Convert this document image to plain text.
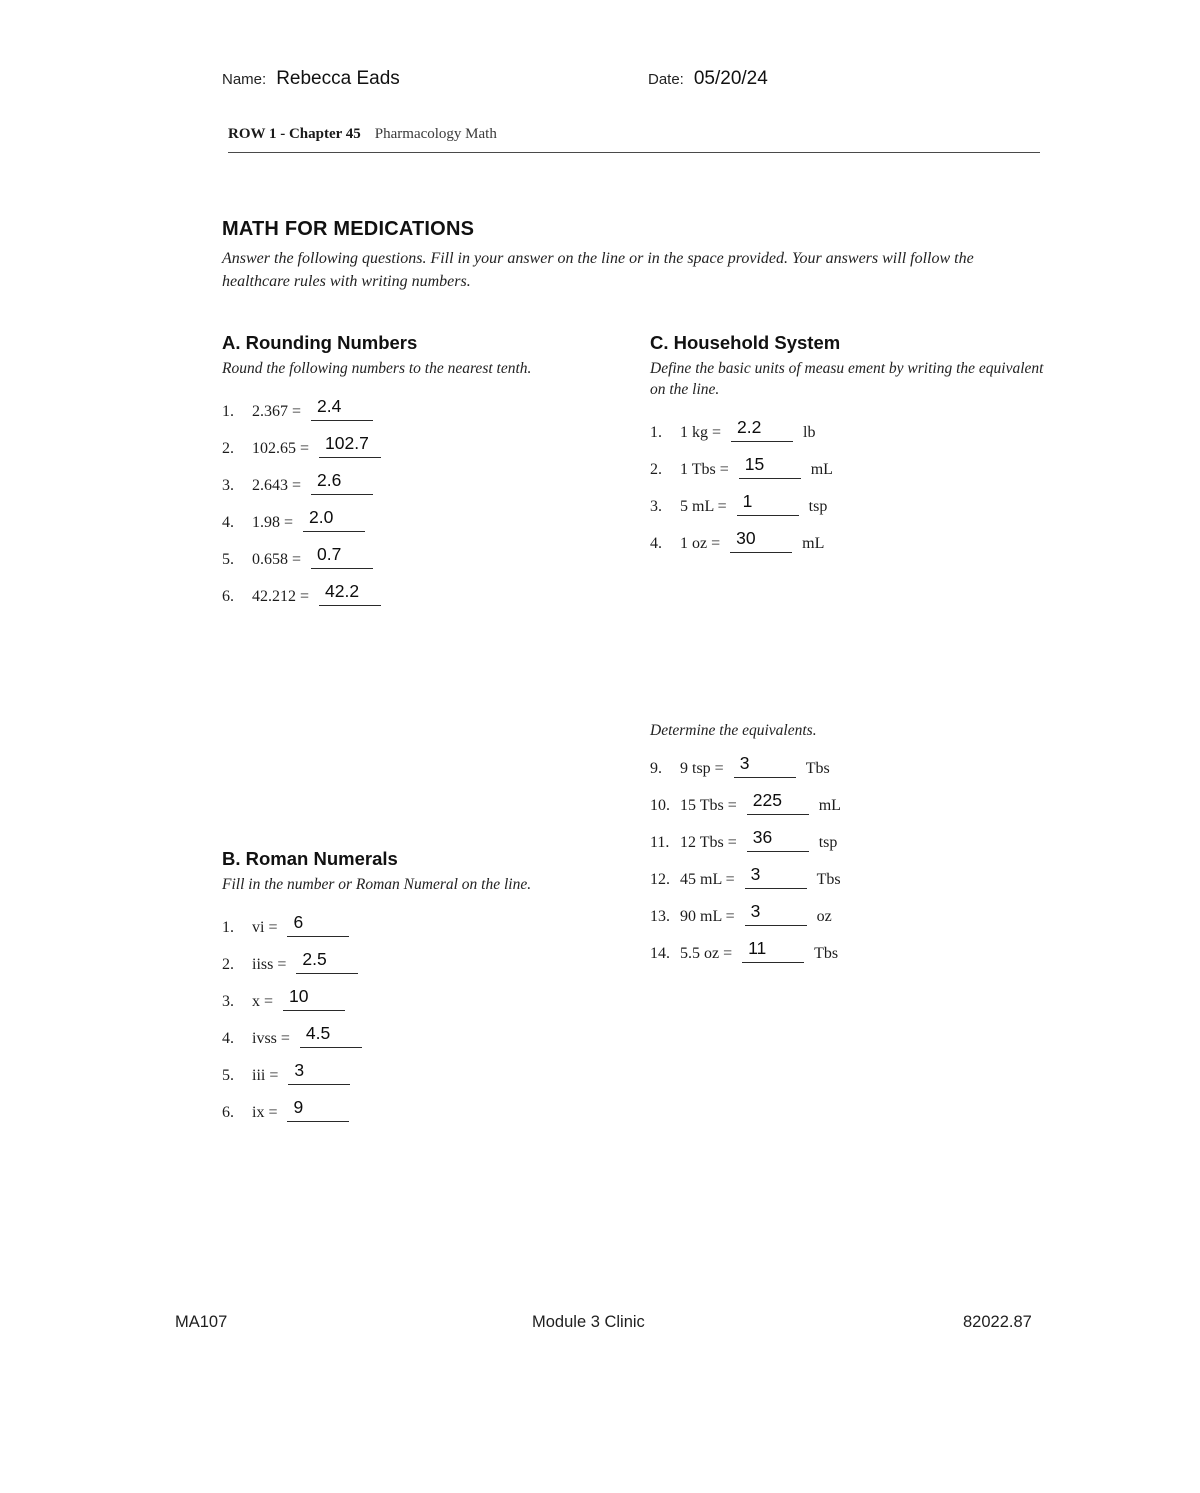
Name: Rebecca Eads	Date: 05/20/24
ROW 1 - Chapter 45 Pharmacology Math
MATH FOR MEDICATIONS
Answer the following questions. Fill in your answer on the line or in the space provided. Your answers will follow the healthcare rules with writing numbers.
A. Rounding Numbers
Round the following numbers to the nearest tenth.
1.	2.367 = 2.4
2.	102.65 = 102.7
3.	2.643 = 2.6
4.	1.98 = 2.0
5.	0.658 = 0.7
6.	42.212 = 42.2
C. Household System
Define the basic units of measu ement by writing the equivalent on the line.
1.	1 kg = 2.2	lb
2.	1 Tbs = 15	mL
3.	5 mL = 1	tsp
4.	1 oz = 30	mL
Determine the equivalents.
9.	9 tsp = 3	Tbs
10. 15 Tbs = 225 mL
11. 12 Tbs = 36	tsp
12. 45 mL = 3	Tbs
13. 90 mL = 3	oz
14. 5.5 oz = 11	Tbs
B. Roman Numerals
Fill in the number or Roman Numeral on the line.
1.	vi = 6
2.	iiss = 2.5
3.	x = 10
4.	ivss = 4.5
5.	iii = 3
6.	ix = 9
MA107	Module 3 Clinic	82022.87
